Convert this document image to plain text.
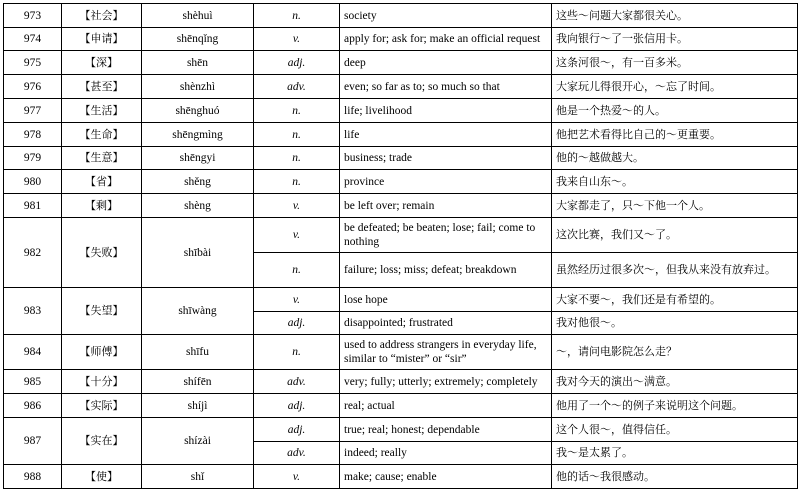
973	【社会】	shèhuì	n.	society	这些～问题大家都很关心。
974	【申请】	shēnqǐng	v.	apply for; ask for; make an official request	我向银行～了一张信用卡。
975	【深】	shēn	adj.	deep	这条河很～，有一百多米。
976	【甚至】	shènzhì	adv.	even; so far as to; so much so that	大家玩儿得很开心，～忘了时间。
977	【生活】	shēnghuó	n.	life; livelihood	他是一个热爱～的人。
978	【生命】	shēngmìng	n.	life	他把艺术看得比自己的～更重要。
979	【生意】	shēngyi	n.	business; trade	他的～越做越大。
980	【省】	shěng	n.	province	我来自山东～。
981	【剩】	shèng	v.	be left over; remain	大家都走了，只～下他一个人。
982	【失败】	shībài	v.	be defeated; be beaten; lose; fail; come to nothing	这次比赛，我们又～了。
			n.	failure; loss; miss; defeat; breakdown	虽然经历过很多次～，但我从来没有放弃过。
983	【失望】	shīwàng	v.	lose hope	大家不要～，我们还是有希望的。
			adj.	disappointed; frustrated	我对他很～。
984	【师傅】	shīfu	n.	used to address strangers in everyday life, similar to “mister” or “sir”	～，请问电影院怎么走？
985	【十分】	shífēn	adv.	very; fully; utterly; extremely; completely	我对今天的演出～满意。
986	【实际】	shíjì	adj.	real; actual	他用了一个～的例子来说明这个问题。
987	【实在】	shízài	adj.	true; real; honest; dependable	这个人很～，值得信任。
			adv.	indeed; really	我～是太累了。
988	【使】	shǐ	v.	make; cause; enable	他的话～我很感动。
